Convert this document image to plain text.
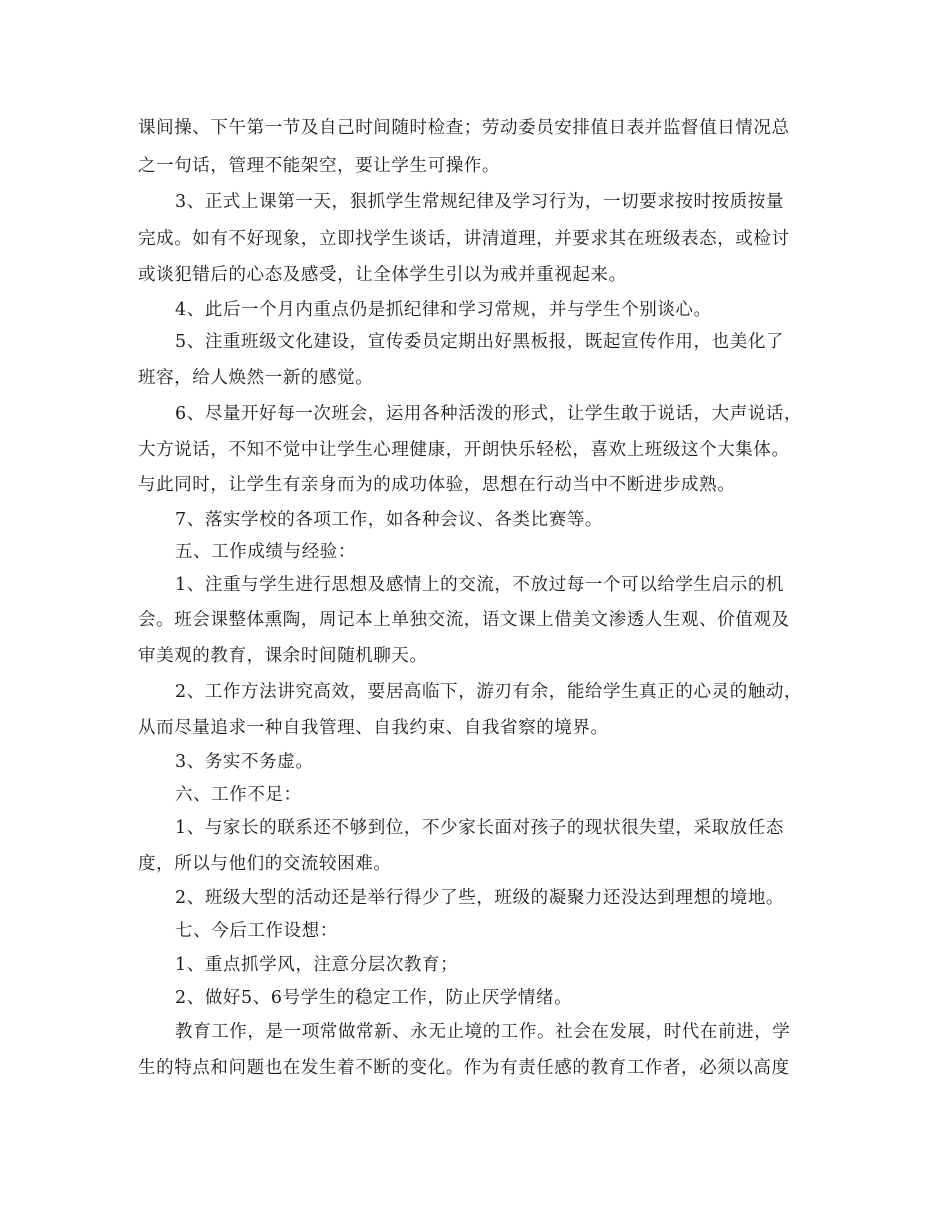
课间操、下午第一节及自己时间随时检查；劳动委员安排值日表并监督值日情况总
之一句话，管理不能架空，要让学生可操作。
3、正式上课第一天，狠抓学生常规纪律及学习行为，一切要求按时按质按量
完成。如有不好现象，立即找学生谈话，讲清道理，并要求其在班级表态，或检讨
或谈犯错后的心态及感受，让全体学生引以为戒并重视起来。
4、此后一个月内重点仍是抓纪律和学习常规，并与学生个别谈心。
5、注重班级文化建设，宣传委员定期出好黑板报，既起宣传作用，也美化了
班容，给人焕然一新的感觉。
6、尽量开好每一次班会，运用各种活泼的形式，让学生敢于说话，大声说话，
大方说话，不知不觉中让学生心理健康，开朗快乐轻松，喜欢上班级这个大集体。
与此同时，让学生有亲身而为的成功体验，思想在行动当中不断进步成熟。
7、落实学校的各项工作，如各种会议、各类比赛等。
五、工作成绩与经验：
1、注重与学生进行思想及感情上的交流，不放过每一个可以给学生启示的机
会。班会课整体熏陶，周记本上单独交流，语文课上借美文渗透人生观、价值观及
审美观的教育，课余时间随机聊天。
2、工作方法讲究高效，要居高临下，游刃有余，能给学生真正的心灵的触动，
从而尽量追求一种自我管理、自我约束、自我省察的境界。
3、务实不务虚。
六、工作不足：
1、与家长的联系还不够到位，不少家长面对孩子的现状很失望，采取放任态
度，所以与他们的交流较困难。
2、班级大型的活动还是举行得少了些，班级的凝聚力还没达到理想的境地。
七、今后工作设想：
1、重点抓学风，注意分层次教育；
2、做好5、6号学生的稳定工作，防止厌学情绪。
教育工作，是一项常做常新、永无止境的工作。社会在发展，时代在前进，学
生的特点和问题也在发生着不断的变化。作为有责任感的教育工作者，必须以高度
